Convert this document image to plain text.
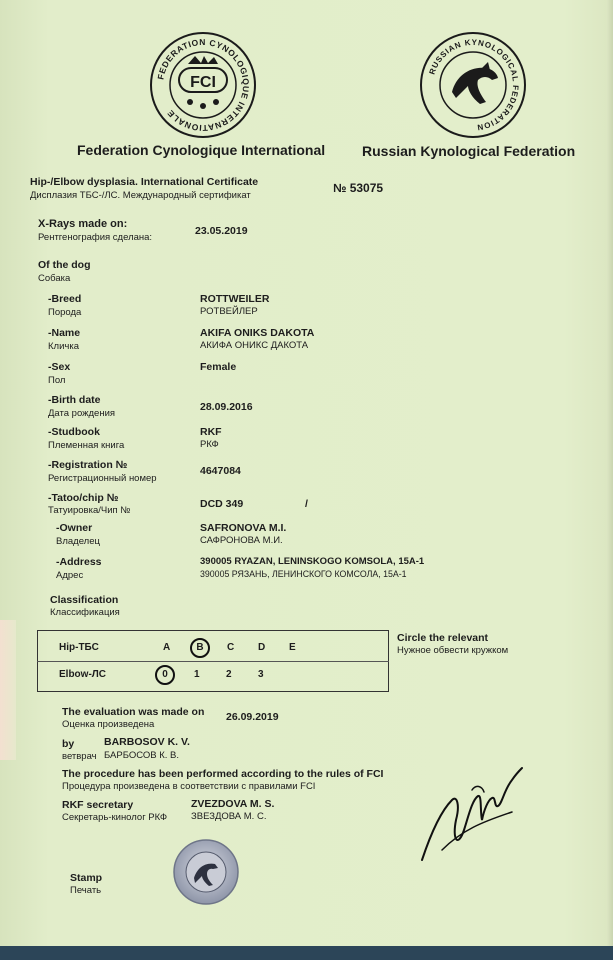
FEDERATION CYNOLOGIQUE INTERNATIONALE
FCI
RUSSIAN KYNOLOGICAL FEDERATION
Federation Cynologique International	Russian Kynological Federation
Hip-/Elbow dysplasia. International Certificate
Дисплазия ТБС-/ЛС. Международный сертификат
№ 53075
X-Rays made on:
Рентгенография сделана:
23.05.2019
Of the dog
Собака
-Breed
Порода
ROTTWEILER
РОТВЕЙЛЕР
-Name
Кличка
AKIFA ONIKS DAKOTA
АКИФА ОНИКС ДАКОТА
-Sex
Пол
Female
-Birth date
Дата рождения
28.09.2016
-Studbook
Племенная книга
RKF
РКФ
-Registration №
Регистрационный номер
4647084
-Tatoo/chip №
Татуировка/Чип №
DCD 349	/
-Owner
Владелец
SAFRONOVA M.I.
САФРОНОВА М.И.
-Address
Адрес
390005 RYAZAN, LENINSKOGO KOMSOLA, 15A-1
390005 РЯЗАНЬ, ЛЕНИНСКОГО КОМСОЛА, 15А-1
Classification
Классификация
Hip-ТБС	A	B	C D E
Elbow-ЛС	0	1	2	3
Circle the relevant
Нужное обвести кружком
The evaluation was made on
Оценка произведена
26.09.2019
by
ветврач
BARBOSOV K. V.
БАРБОСОВ К. В.
The procedure has been performed according to the rules of FCI
Процедура произведена в соответствии с правилами FCI
RKF secretary
Секретарь-кинолог РКФ
ZVEZDOVA M. S.
ЗВЕЗДОВА М. С.
Stamp
Печать
